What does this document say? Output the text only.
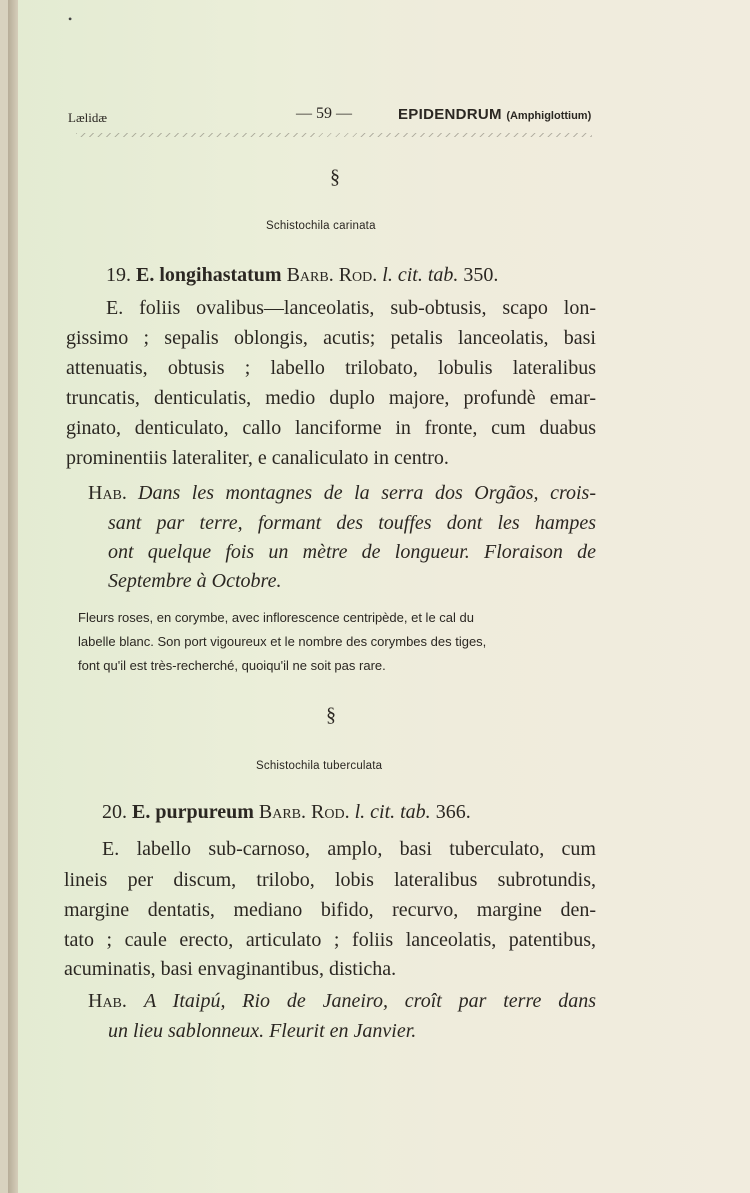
•
Lælidæ	— 59 —	EPIDENDRUM (Amphiglottium)
§
Schistochila carinata
19. E. longihastatum Barb. Rod. l. cit. tab. 350.
E. foliis ovalibus—lanceolatis, sub-obtusis, scapo lon-
gissimo ; sepalis oblongis, acutis; petalis lanceolatis, basi
attenuatis, obtusis ; labello trilobato, lobulis lateralibus
truncatis, denticulatis, medio duplo majore, profundè emar-
ginato, denticulato, callo lanciforme in fronte, cum duabus
prominentiis lateraliter, e canaliculato in centro.
Hab. Dans les montagnes de la serra dos Orgãos, crois-
sant par terre, formant des touffes dont les hampes
ont quelque fois un mètre de longueur. Floraison de
Septembre à Octobre.
Fleurs roses, en corymbe, avec inflorescence centripède, et le cal du
labelle blanc. Son port vigoureux et le nombre des corymbes des tiges,
font qu'il est très-recherché, quoiqu'il ne soit pas rare.
§
Schistochila tuberculata
20. E. purpureum Barb. Rod. l. cit. tab. 366.
E. labello sub-carnoso, amplo, basi tuberculato, cum
lineis per discum, trilobo, lobis lateralibus subrotundis,
margine dentatis, mediano bifido, recurvo, margine den-
tato ; caule erecto, articulato ; foliis lanceolatis, patentibus,
acuminatis, basi envaginantibus, disticha.
Hab. A Itaipú, Rio de Janeiro, croît par terre dans
un lieu sablonneux. Fleurit en Janvier.
